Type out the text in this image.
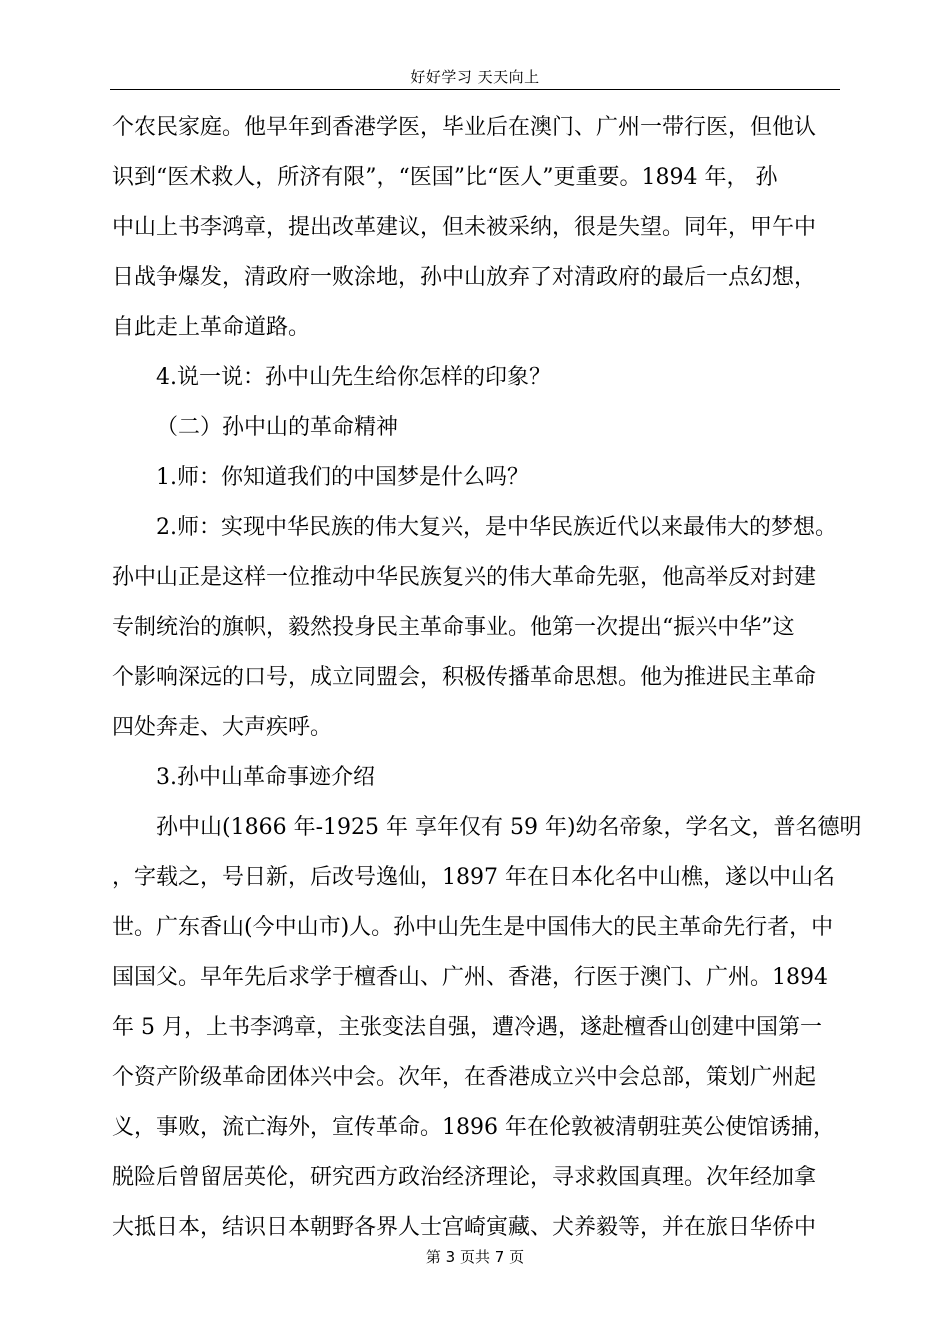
好好学习 天天向上
个农民家庭。他早年到香港学医，毕业后在澳门、广州一带行医，但他认
识到“医术救人，所济有限”，“医国”比“医人”更重要。1894 年， 孙
中山上书李鸿章，提出改革建议，但未被采纳，很是失望。同年，甲午中
日战争爆发，清政府一败涂地，孙中山放弃了对清政府的最后一点幻想，
自此走上革命道路。
4.说一说：孙中山先生给你怎样的印象？
（二）孙中山的革命精神
1.师：你知道我们的中国梦是什么吗？
2.师：实现中华民族的伟大复兴，是中华民族近代以来最伟大的梦想。
孙中山正是这样一位推动中华民族复兴的伟大革命先驱，他高举反对封建
专制统治的旗帜，毅然投身民主革命事业。他第一次提出“振兴中华”这
个影响深远的口号，成立同盟会，积极传播革命思想。他为推进民主革命
四处奔走、大声疾呼。
3.孙中山革命事迹介绍
孙中山(1866 年-1925 年 享年仅有 59 年)幼名帝象，学名文，普名德明
，字载之，号日新，后改号逸仙，1897 年在日本化名中山樵，遂以中山名
世。广东香山(今中山市)人。孙中山先生是中国伟大的民主革命先行者，中
国国父。早年先后求学于檀香山、广州、香港，行医于澳门、广州。1894
年 5 月，上书李鸿章，主张变法自强，遭冷遇，遂赴檀香山创建中国第一
个资产阶级革命团体兴中会。次年，在香港成立兴中会总部，策划广州起
义，事败，流亡海外，宣传革命。1896 年在伦敦被清朝驻英公使馆诱捕，
脱险后曾留居英伦，研究西方政治经济理论，寻求救国真理。次年经加拿
大抵日本，结识日本朝野各界人士宫崎寅藏、犬养毅等，并在旅日华侨中
第 3 页共 7 页
